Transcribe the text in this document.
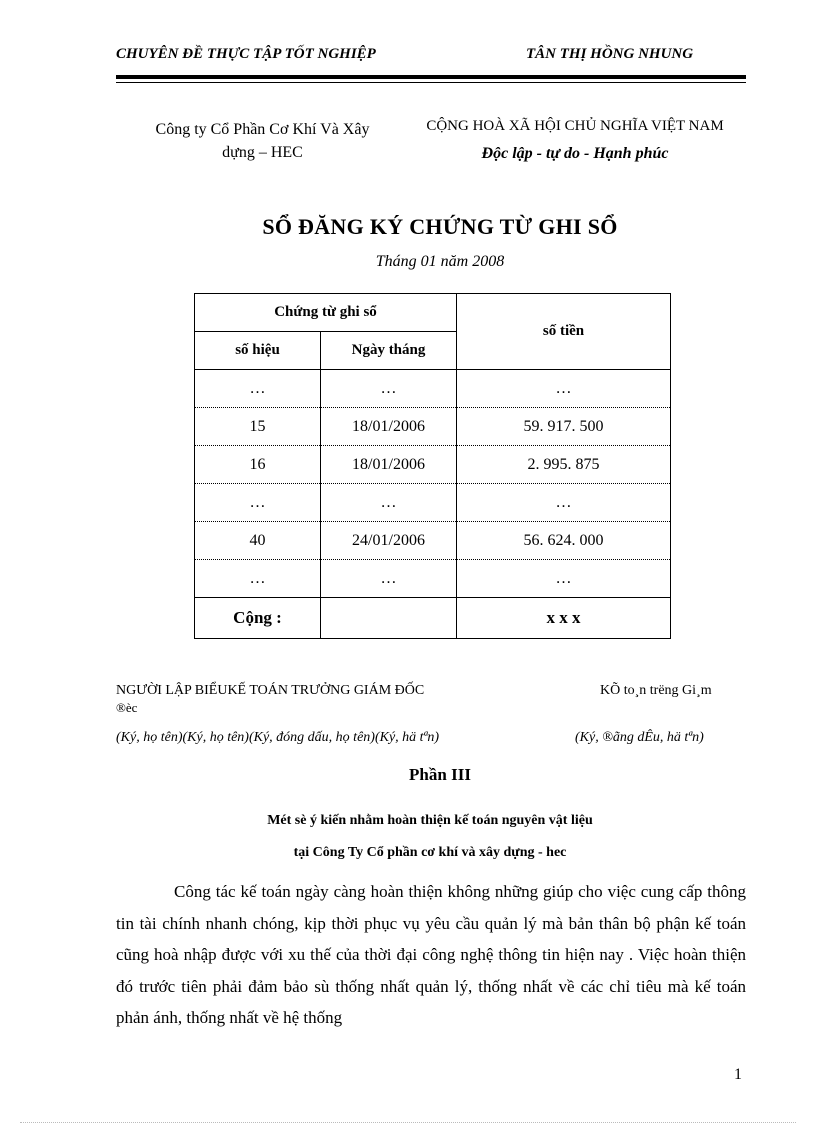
CHUYÊN ĐỀ THỰC TẬP TỐT NGHIỆP	TÂN THỊ HỒNG NHUNG
Công ty Cổ Phần Cơ Khí Và Xây
dựng – HEC
CỘNG HOÀ XÃ HỘI CHỦ NGHĨA VIỆT NAM
Độc lập - tự do - Hạnh phúc
SỔ ĐĂNG KÝ CHỨNG TỪ GHI SỔ
Tháng 01 năm 2008
Chứng từ ghi sổ		số tiền
số hiệu	Ngày tháng	
…	…	…
15	18/01/2006	59. 917. 500
16	18/01/2006	2. 995. 875
…	…	…
40	24/01/2006	56. 624. 000
…	…	…
Cộng :		x x x
NGƯỜI LẬP BIỂUKẾ TOÁN TRƯỞNG GIÁM ĐỐC	KÕ to¸n trëng Gi¸m
®èc
(Ký, họ tên)(Ký, họ tên)(Ký, đóng dấu, họ tên)(Ký, hä tªn)	(Ký, ®ãng dÊu, hä tªn)
Phần III
Mét sè ý kiến nhằm hoàn thiện kế toán nguyên vật liệu
tại Công Ty Cổ phần cơ khí và xây dựng - hec
Công tác kế toán ngày càng hoàn thiện không những giúp cho việc cung cấp thông tin tài chính nhanh chóng, kịp thời phục vụ yêu cầu quản lý mà bản thân bộ phận kế toán cũng hoà nhập được với xu thế của thời đại công nghệ thông tin hiện nay . Việc hoàn thiện đó trước tiên phải đảm bảo sù thống nhất quản lý, thống nhất về các chỉ tiêu mà kế toán phản ánh, thống nhất về hệ thống
1
